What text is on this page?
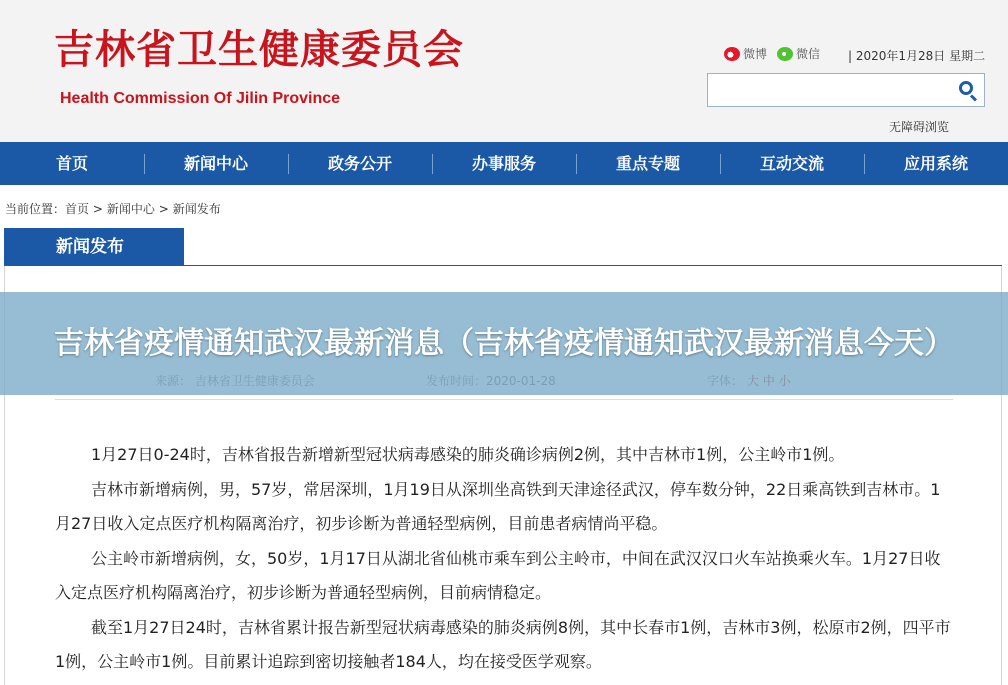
吉林省卫生健康委员会
Health Commission Of Jilin Province
微博 微信 | 2020年1月28日 星期二
无障碍浏览
首页	新闻中心	政务公开	办事服务	重点专题	互动交流	应用系统
当前位置：首页 > 新闻中心 > 新闻发布
新闻发布

1月27日0-24时，吉林省报告新增新型冠状病毒感染的肺炎确诊病例2例，其中吉林市1例，公主岭市1例。

吉林市新增病例，男，57岁，常居深圳，1月19日从深圳坐高铁到天津途径武汉，停车数分钟，22日乘高铁到吉林市。1月27日收入定点医疗机构隔离治疗，初步诊断为普通轻型病例，目前患者病情尚平稳。

公主岭市新增病例，女，50岁，1月17日从湖北省仙桃市乘车到公主岭市，中间在武汉汉口火车站换乘火车。1月27日收入定点医疗机构隔离治疗，初步诊断为普通轻型病例，目前病情稳定。

截至1月27日24时，吉林省累计报告新型冠状病毒感染的肺炎病例8例，其中长春市1例，吉林市3例，松原市2例，四平市1例，公主岭市1例。目前累计追踪到密切接触者184人，均在接受医学观察。

吉林省疫情通知武汉最新消息（吉林省疫情通知武汉最新消息今天）
